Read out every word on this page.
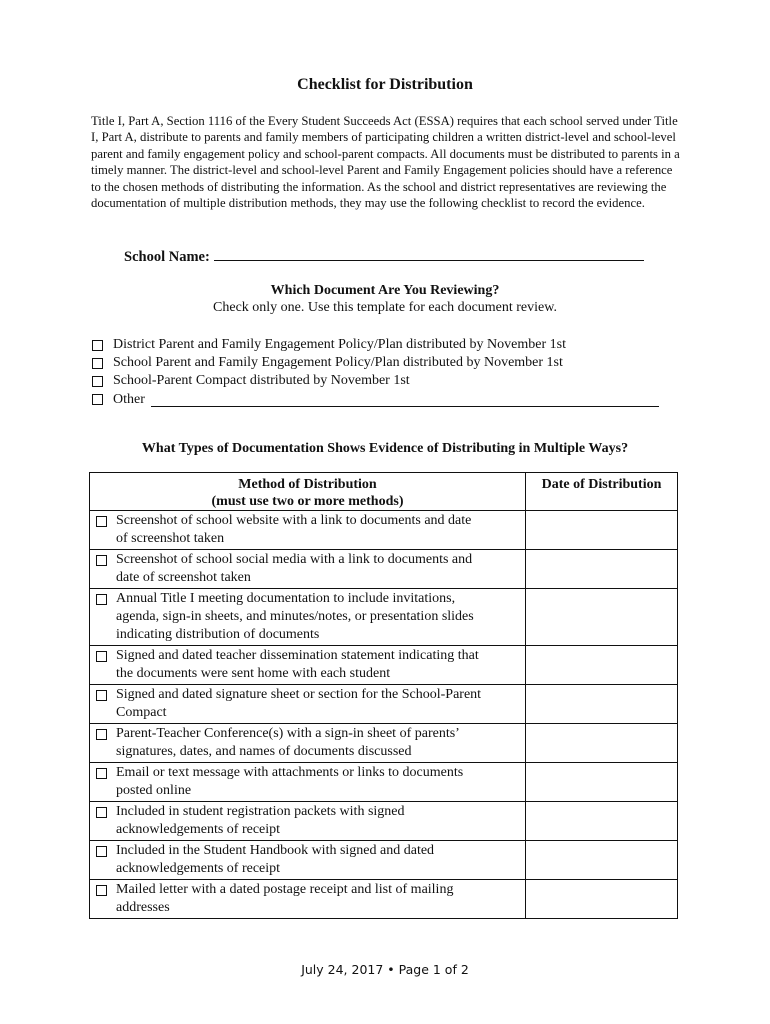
Checklist for Distribution

Title I, Part A, Section 1116 of the Every Student Succeeds Act (ESSA) requires that each school served under Title I, Part A, distribute to parents and family members of participating children a written district-level and school-level parent and family engagement policy and school-parent compacts. All documents must be distributed to parents in a timely manner. The district-level and school-level Parent and Family Engagement policies should have a reference to the chosen methods of distributing the information. As the school and district representatives are reviewing the documentation of multiple distribution methods, they may use the following checklist to record the evidence.

School Name:
Which Document Are You Reviewing?
Check only one. Use this template for each document review.
District Parent and Family Engagement Policy/Plan distributed by November 1st
School Parent and Family Engagement Policy/Plan distributed by November 1st
School-Parent Compact distributed by November 1st
Other
What Types of Documentation Shows Evidence of Distributing in Multiple Ways?
Method of Distribution
(must use two or more methods)	Date of Distribution

Screenshot of school website with a link to documents and date
of screenshot taken	

Screenshot of school social media with a link to documents and
date of screenshot taken	

Annual Title I meeting documentation to include invitations,
agenda, sign-in sheets, and minutes/notes, or presentation slides
indicating distribution of documents	

Signed and dated teacher dissemination statement indicating that
the documents were sent home with each student	

Signed and dated signature sheet or section for the School-Parent
Compact	

Parent-Teacher Conference(s) with a sign-in sheet of parents’
signatures, dates, and names of documents discussed	

Email or text message with attachments or links to documents
posted online	

Included in student registration packets with signed
acknowledgements of receipt	

Included in the Student Handbook with signed and dated
acknowledgements of receipt	

Mailed letter with a dated postage receipt and list of mailing
addresses	

July 24, 2017 • Page 1 of 2
